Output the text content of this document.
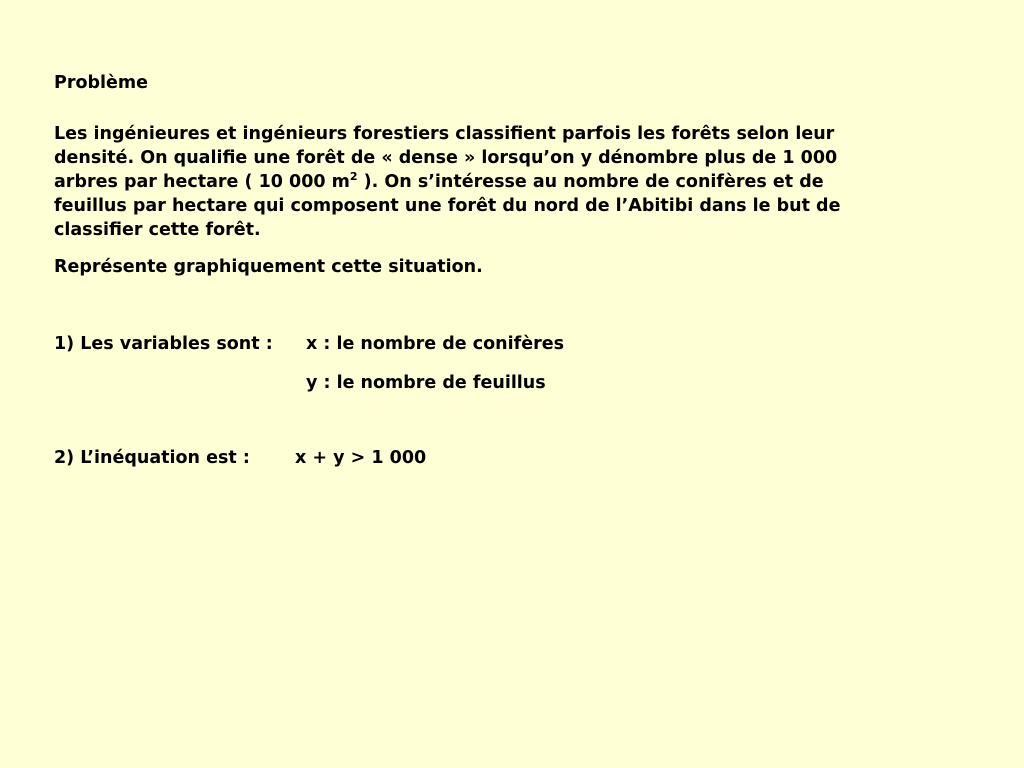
Problème

Les ingénieures et ingénieurs forestiers classifient parfois les forêts selon leur
densité. On qualifie une forêt de « dense » lorsqu’on y dénombre plus de 1 000
arbres par hectare ( 10 000 $m^2$ ). On s’intéresse au nombre de conifères et de
feuillus par hectare qui composent une forêt du nord de l’Abitibi dans le but de
classifier cette forêt.

Représente graphiquement cette situation.

1) Les variables sont : x : le nombre de conifères

y : le nombre de feuillus

2) L’inéquation est :	x + y > 1 000
